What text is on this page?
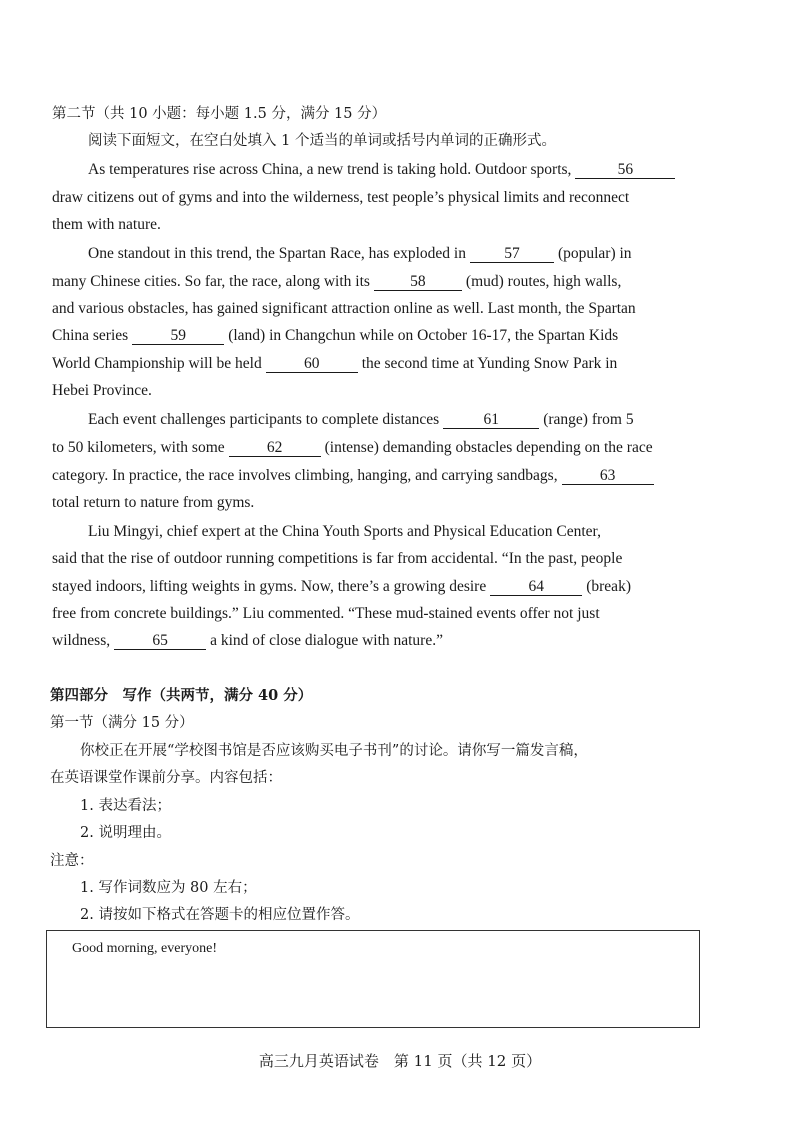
第二节（共 10 小题：每小题 1.5 分，满分 15 分）
阅读下面短文，在空白处填入 1 个适当的单词或括号内单词的正确形式。
As temperatures rise across China, a new trend is taking hold. Outdoor sports,	56
draw citizens out of gyms and into the wilderness, test people’s physical limits and reconnect
them with nature.
One standout in this trend, the Spartan Race, has exploded in 57 (popular) in
many Chinese cities. So far, the race, along with its	58	(mud) routes, high walls,
and various obstacles, has gained significant attraction online as well. Last month, the Spartan
China series	59	(land) in Changchun while on October 16-17, the Spartan Kids
World Championship will be held	60	the second time at Yunding Snow Park in
Hebei Province.
Each event challenges participants to complete distances	61	(range) from 5
to 50 kilometers, with some	62	(intense) demanding obstacles depending on the race
category. In practice, the race involves climbing, hanging, and carrying sandbags,	63
total return to nature from gyms.
Liu Mingyi, chief expert at the China Youth Sports and Physical Education Center,
said that the rise of outdoor running competitions is far from accidental. “In the past, people
stayed indoors, lifting weights in gyms. Now, there’s a growing desire	64	(break)
free from concrete buildings.” Liu commented. “These mud-stained events offer not just
wildness,	65	a kind of close dialogue with nature.”
第四部分　写作（共两节，满分 40 分）
第一节（满分 15 分）
你校正在开展“学校图书馆是否应该购买电子书刊”的讨论。请你写一篇发言稿，
在英语课堂作课前分享。内容包括：
1. 表达看法；
2. 说明理由。
注意：
1. 写作词数应为 80 左右；
2. 请按如下格式在答题卡的相应位置作答。
Good morning, everyone!
高三九月英语试卷　第 11 页（共 12 页）
